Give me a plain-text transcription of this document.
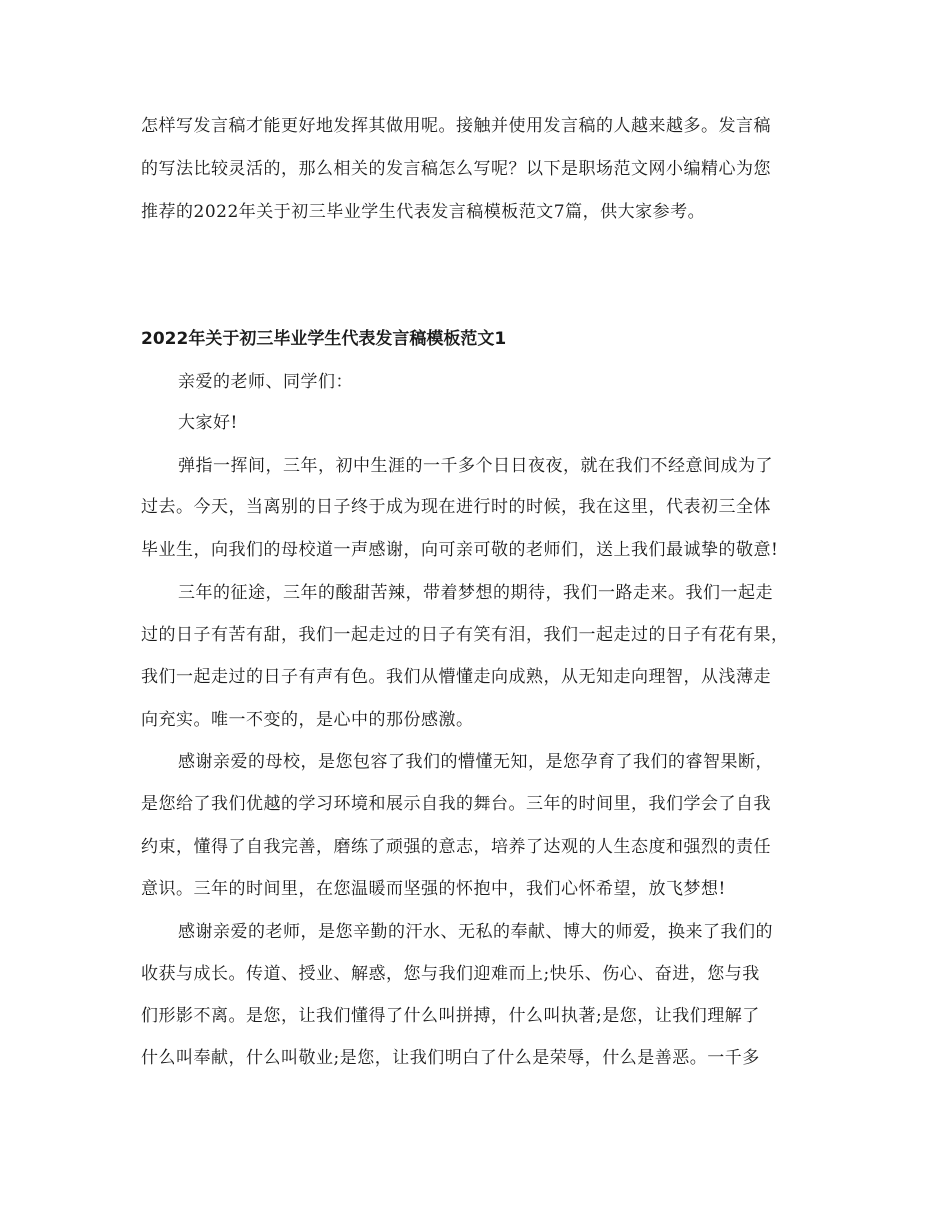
怎样写发言稿才能更好地发挥其做用呢。接触并使用发言稿的人越来越多。发言稿
的写法比较灵活的，那么相关的发言稿怎么写呢？以下是职场范文网小编精心为您
推荐的2022年关于初三毕业学生代表发言稿模板范文7篇，供大家参考。
2022年关于初三毕业学生代表发言稿模板范文1
亲爱的老师、同学们：
大家好!
弹指一挥间，三年，初中生涯的一千多个日日夜夜，就在我们不经意间成为了
过去。今天，当离别的日子终于成为现在进行时的时候，我在这里，代表初三全体
毕业生，向我们的母校道一声感谢，向可亲可敬的老师们，送上我们最诚挚的敬意!
三年的征途，三年的酸甜苦辣，带着梦想的期待，我们一路走来。我们一起走
过的日子有苦有甜，我们一起走过的日子有笑有泪，我们一起走过的日子有花有果，
我们一起走过的日子有声有色。我们从懵懂走向成熟，从无知走向理智，从浅薄走
向充实。唯一不变的，是心中的那份感激。
感谢亲爱的母校，是您包容了我们的懵懂无知，是您孕育了我们的睿智果断，
是您给了我们优越的学习环境和展示自我的舞台。三年的时间里，我们学会了自我
约束，懂得了自我完善，磨练了顽强的意志，培养了达观的人生态度和强烈的责任
意识。三年的时间里，在您温暖而坚强的怀抱中，我们心怀希望，放飞梦想!
感谢亲爱的老师，是您辛勤的汗水、无私的奉献、博大的师爱，换来了我们的
收获与成长。传道、授业、解惑，您与我们迎难而上;快乐、伤心、奋进，您与我
们形影不离。是您，让我们懂得了什么叫拼搏，什么叫执著;是您，让我们理解了
什么叫奉献，什么叫敬业;是您，让我们明白了什么是荣辱，什么是善恶。一千多
